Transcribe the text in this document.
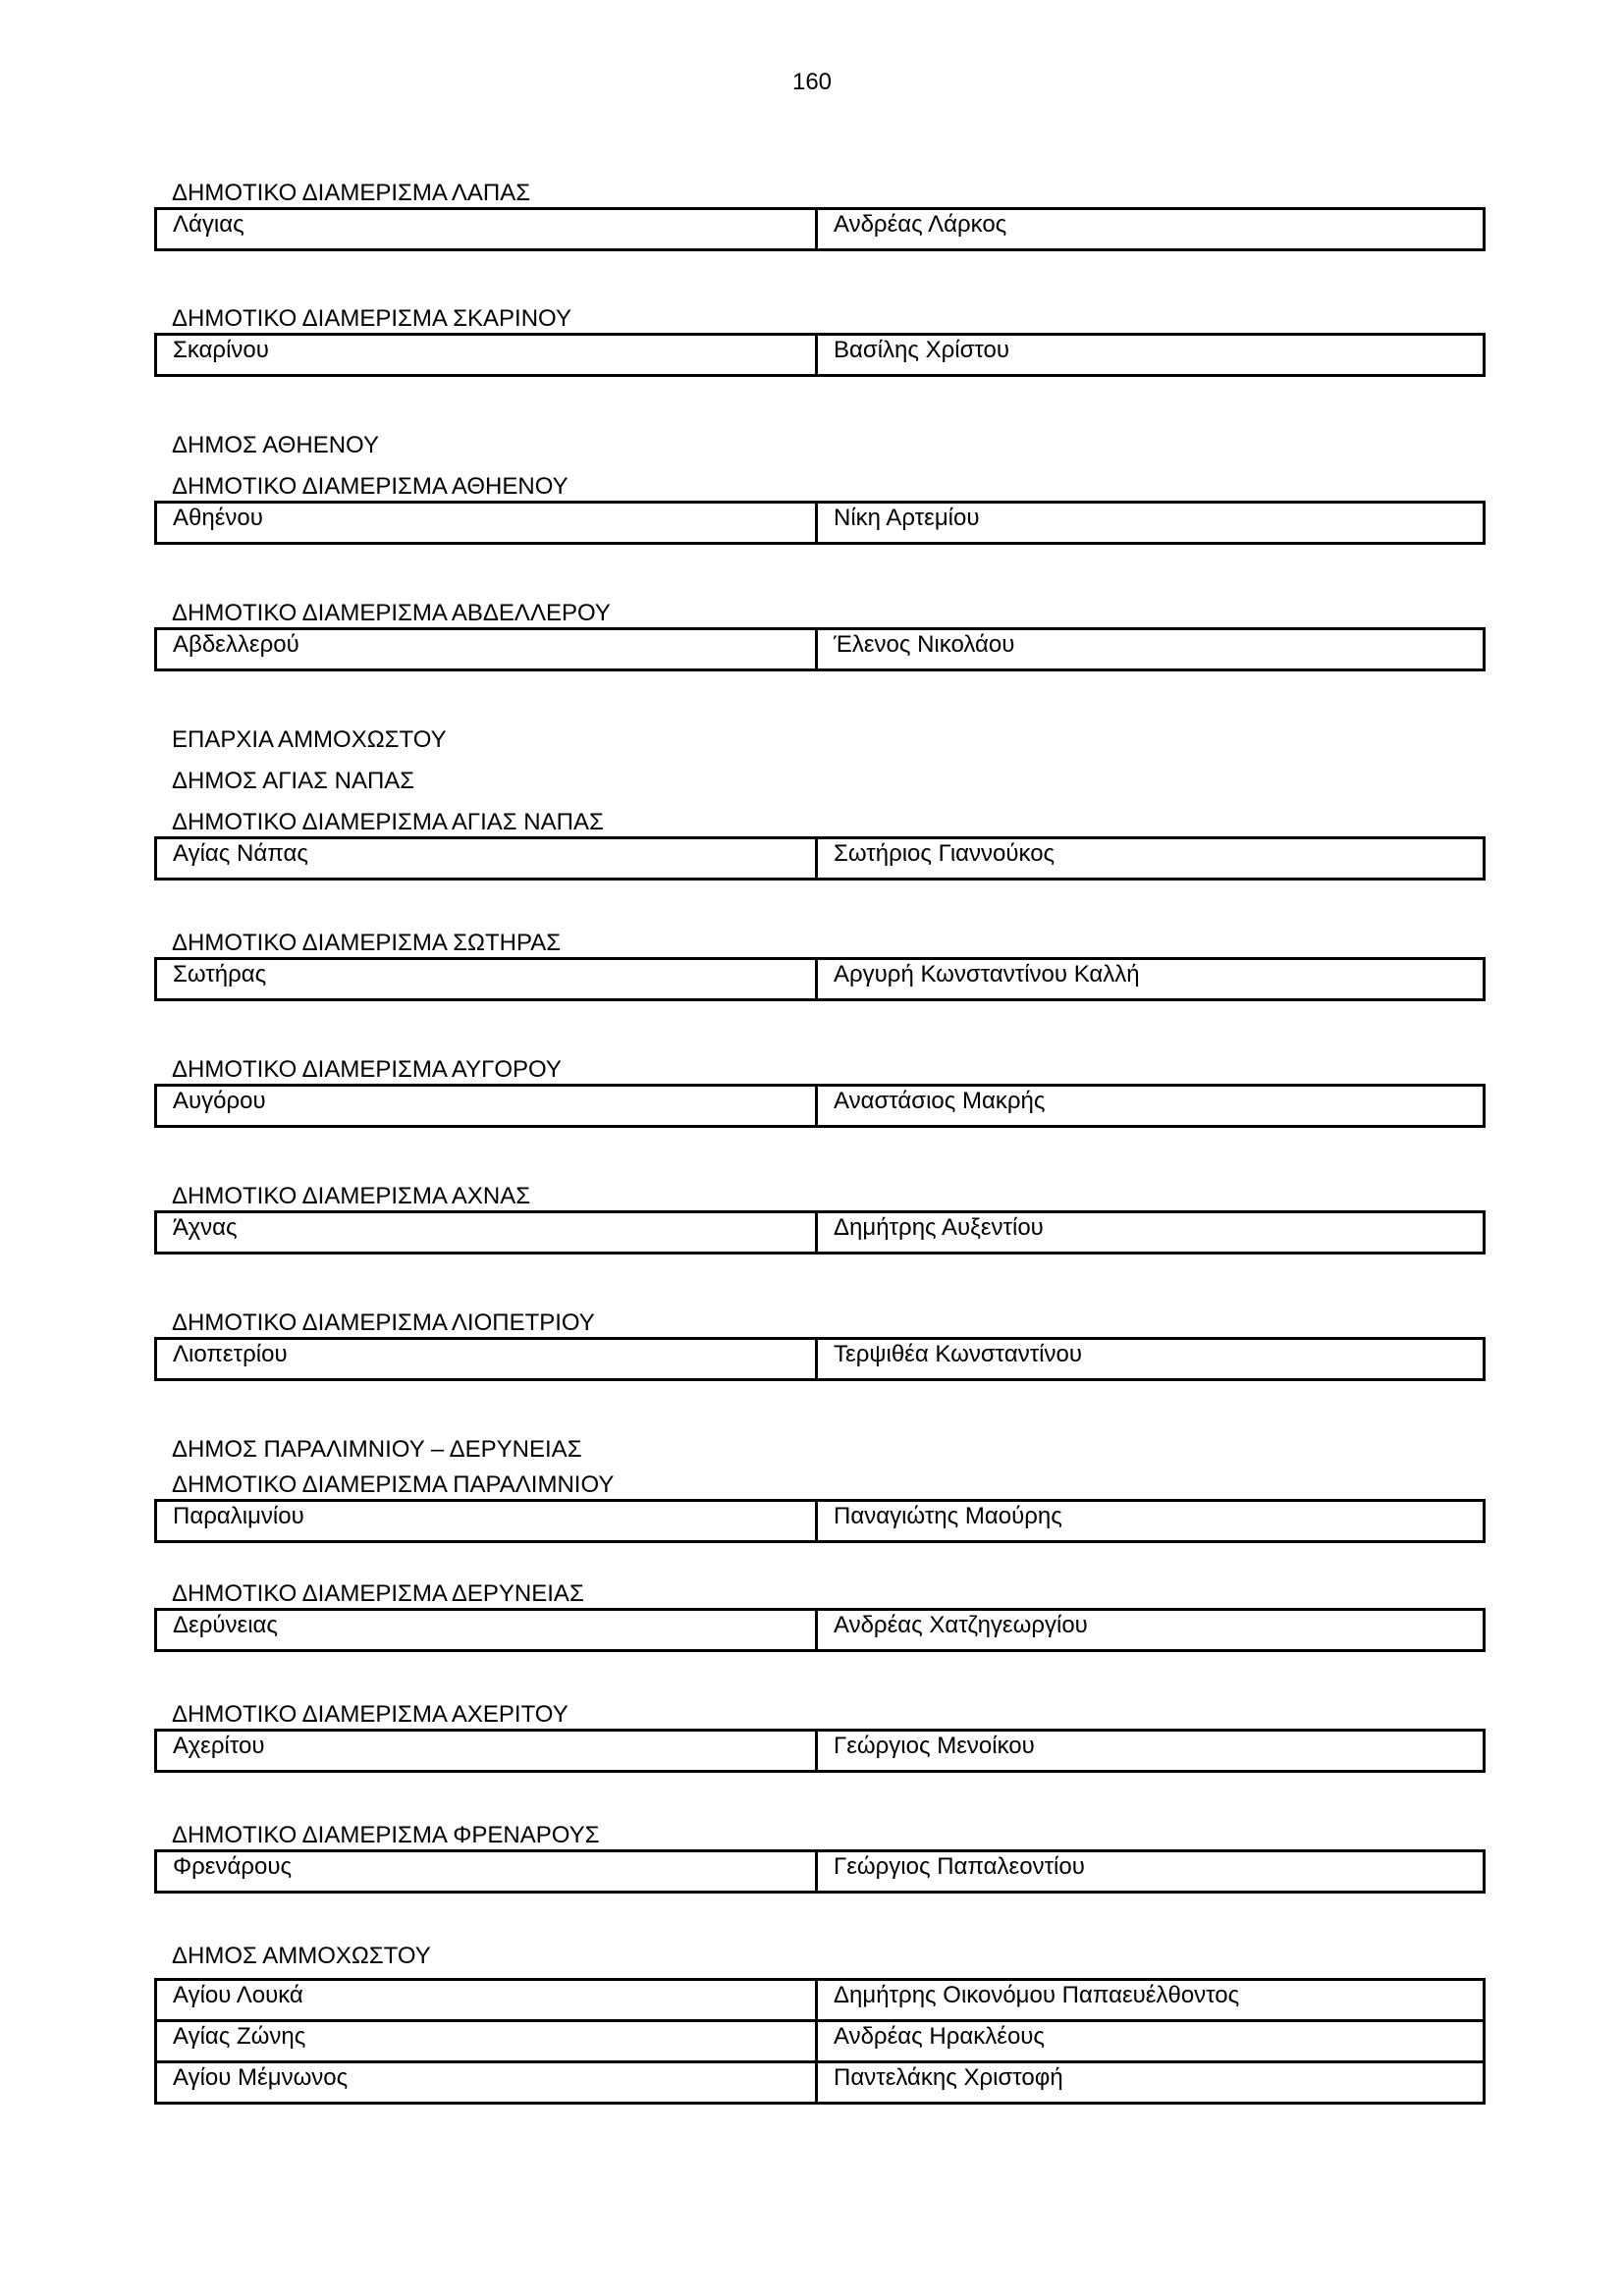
160
ΔΗΜΟΤΙΚΟ ΔΙΑΜΕΡΙΣΜΑ ΛΑΠΑΣ
Λάγιας	Ανδρέας Λάρκος
ΔΗΜΟΤΙΚΟ ΔΙΑΜΕΡΙΣΜΑ ΣΚΑΡΙΝΟΥ
Σκαρίνου	Βασίλης Χρίστου
ΔΗΜΟΣ ΑΘΗΕΝΟΥ
ΔΗΜΟΤΙΚΟ ΔΙΑΜΕΡΙΣΜΑ ΑΘΗΕΝΟΥ
Αθηένου	Νίκη Αρτεμίου
ΔΗΜΟΤΙΚΟ ΔΙΑΜΕΡΙΣΜΑ ΑΒΔΕΛΛΕΡΟΥ
Αβδελλερού	Έλενος Νικολάου
ΕΠΑΡΧΙΑ ΑΜΜΟΧΩΣΤΟΥ
ΔΗΜΟΣ ΑΓΙΑΣ ΝΑΠΑΣ
ΔΗΜΟΤΙΚΟ ΔΙΑΜΕΡΙΣΜΑ ΑΓΙΑΣ ΝΑΠΑΣ
Αγίας Νάπας	Σωτήριος Γιαννούκος
ΔΗΜΟΤΙΚΟ ΔΙΑΜΕΡΙΣΜΑ ΣΩΤΗΡΑΣ
Σωτήρας	Αργυρή Κωνσταντίνου Καλλή
ΔΗΜΟΤΙΚΟ ΔΙΑΜΕΡΙΣΜΑ ΑΥΓΟΡΟΥ
Αυγόρου	Αναστάσιος Μακρής
ΔΗΜΟΤΙΚΟ ΔΙΑΜΕΡΙΣΜΑ ΑΧΝΑΣ
Άχνας	Δημήτρης Αυξεντίου
ΔΗΜΟΤΙΚΟ ΔΙΑΜΕΡΙΣΜΑ ΛΙΟΠΕΤΡΙΟΥ
Λιοπετρίου	Τερψιθέα Κωνσταντίνου
ΔΗΜΟΣ ΠΑΡΑΛΙΜΝΙΟΥ – ΔΕΡΥΝΕΙΑΣ
ΔΗΜΟΤΙΚΟ ΔΙΑΜΕΡΙΣΜΑ ΠΑΡΑΛΙΜΝΙΟΥ
Παραλιμνίου	Παναγιώτης Μαούρης
ΔΗΜΟΤΙΚΟ ΔΙΑΜΕΡΙΣΜΑ ΔΕΡΥΝΕΙΑΣ
Δερύνειας	Ανδρέας Χατζηγεωργίου
ΔΗΜΟΤΙΚΟ ΔΙΑΜΕΡΙΣΜΑ ΑΧΕΡΙΤΟΥ
Αχερίτου	Γεώργιος Μενοίκου
ΔΗΜΟΤΙΚΟ ΔΙΑΜΕΡΙΣΜΑ ΦΡΕΝΑΡΟΥΣ
Φρενάρους	Γεώργιος Παπαλεοντίου
ΔΗΜΟΣ ΑΜΜΟΧΩΣΤΟΥ
Αγίου Λουκά	Δημήτρης Οικονόμου Παπαευέλθοντος
Αγίας Ζώνης	Ανδρέας Ηρακλέους
Αγίου Μέμνωνος	Παντελάκης Χριστοφή
